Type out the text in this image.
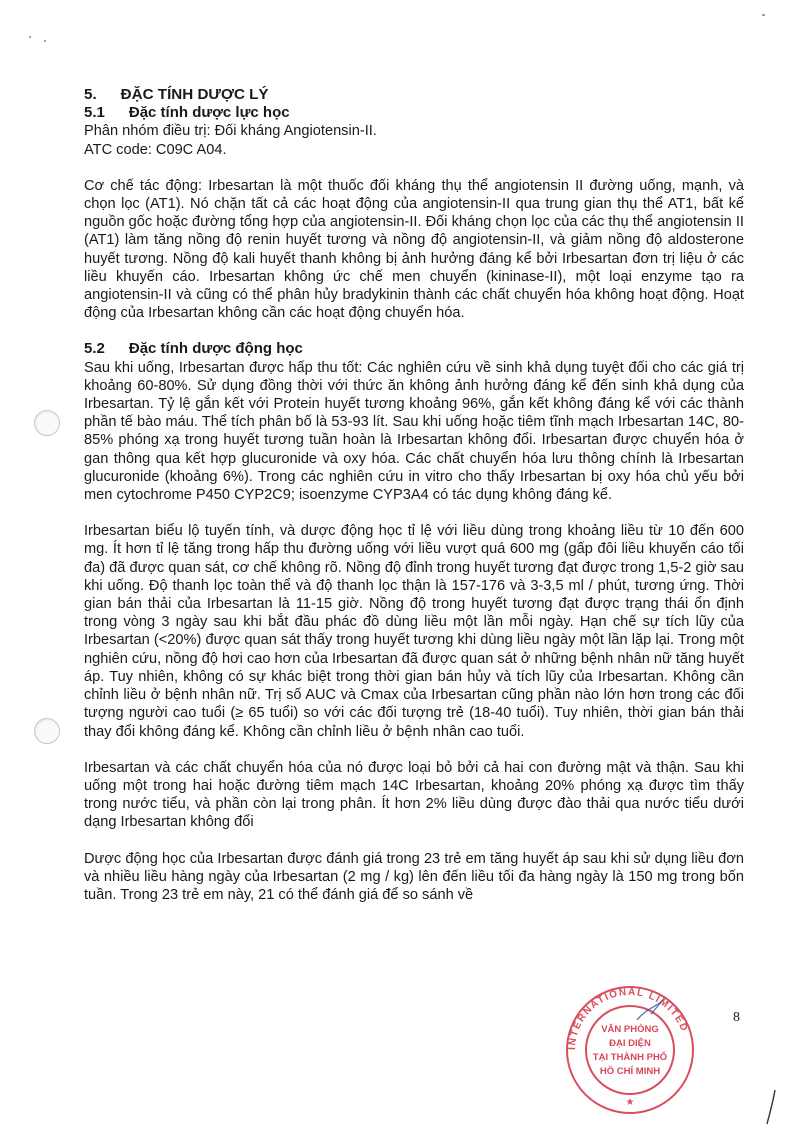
5. ĐẶC TÍNH DƯỢC LÝ
5.1 Đặc tính dược lực học

Phân nhóm điều trị: Đối kháng Angiotensin-II.

ATC code: C09C A04.

Cơ chế tác động: Irbesartan là một thuốc đối kháng thụ thể angiotensin II đường uống, mạnh, và chọn lọc (AT1). Nó chặn tất cả các hoạt động của angiotensin-II qua trung gian thụ thể AT1, bất kể nguồn gốc hoặc đường tổng hợp của angiotensin-II. Đối kháng chọn lọc của các thụ thể angiotensin II (AT1) làm tăng nồng độ renin huyết tương và nồng độ angiotensin-II, và giảm nồng độ aldosterone huyết tương. Nồng độ kali huyết thanh không bị ảnh hưởng đáng kể bởi Irbesartan đơn trị liệu ở các liều khuyến cáo. Irbesartan không ức chế men chuyển (kininase-II), một loại enzyme tạo ra angiotensin-II và cũng có thể phân hủy bradykinin thành các chất chuyển hóa không hoạt động. Hoạt động của Irbesartan không cần các hoạt động chuyển hóa.

5.2 Đặc tính dược động học

Sau khi uống, Irbesartan được hấp thu tốt: Các nghiên cứu về sinh khả dụng tuyệt đối cho các giá trị khoảng 60-80%. Sử dụng đồng thời với thức ăn không ảnh hưởng đáng kể đến sinh khả dụng của Irbesartan. Tỷ lệ gắn kết với Protein huyết tương khoảng 96%, gắn kết không đáng kể với các thành phần tế bào máu. Thể tích phân bố là 53-93 lít. Sau khi uống hoặc tiêm tĩnh mạch Irbesartan 14C, 80-85% phóng xạ trong huyết tương tuần hoàn là Irbesartan không đổi. Irbesartan được chuyển hóa ở gan thông qua kết hợp glucuronide và oxy hóa. Các chất chuyển hóa lưu thông chính là Irbesartan glucuronide (khoảng 6%). Trong các nghiên cứu in vitro cho thấy Irbesartan bị oxy hóa chủ yếu bởi men cytochrome P450 CYP2C9; isoenzyme CYP3A4 có tác dụng không đáng kể.

Irbesartan biểu lộ tuyến tính, và dược động học tỉ lệ với liều dùng trong khoảng liều từ 10 đến 600 mg. Ít hơn tỉ lệ tăng trong hấp thu đường uống với liều vượt quá 600 mg (gấp đôi liều khuyến cáo tối đa) đã được quan sát, cơ chế không rõ. Nồng độ đỉnh trong huyết tương đạt được trong 1,5-2 giờ sau khi uống. Độ thanh lọc toàn thể và độ thanh lọc thận là 157-176 và 3-3,5 ml / phút, tương ứng. Thời gian bán thải của Irbesartan là 11-15 giờ. Nồng độ trong huyết tương đạt được trạng thái ổn định trong vòng 3 ngày sau khi bắt đầu phác đồ dùng liều một lần mỗi ngày. Hạn chế sự tích lũy của Irbesartan (<20%) được quan sát thấy trong huyết tương khi dùng liều ngày một lần lặp lại. Trong một nghiên cứu, nồng độ hơi cao hơn của Irbesartan đã được quan sát ở những bệnh nhân nữ tăng huyết áp. Tuy nhiên, không có sự khác biệt trong thời gian bán hủy và tích lũy của Irbesartan. Không cần chỉnh liều ở bệnh nhân nữ. Trị số AUC và Cmax của Irbesartan cũng phần nào lớn hơn trong các đối tượng người cao tuổi (≥ 65 tuổi) so với các đối tượng trẻ (18-40 tuổi). Tuy nhiên, thời gian bán thải thay đổi không đáng kể. Không cần chỉnh liều ở bệnh nhân cao tuổi.

Irbesartan và các chất chuyển hóa của nó được loại bỏ bởi cả hai con đường mật và thận. Sau khi uống một trong hai hoặc đường tiêm mạch 14C Irbesartan, khoảng 20% phóng xạ được tìm thấy trong nước tiểu, và phần còn lại trong phân. Ít hơn 2% liều dùng được đào thải qua nước tiểu dưới dạng Irbesartan không đổi

Dược động học của Irbesartan được đánh giá trong 23 trẻ em tăng huyết áp sau khi sử dụng liều đơn và nhiều liều hàng ngày của Irbesartan (2 mg / kg) lên đến liều tối đa hàng ngày là 150 mg trong bốn tuần. Trong 23 trẻ em này, 21 có thể đánh giá để so sánh về

8
INTERNATIONAL LIMITED
VĂN PHÒNG
ĐẠI DIỆN
TẠI THÀNH PHỐ
HỒ CHÍ MINH
★
